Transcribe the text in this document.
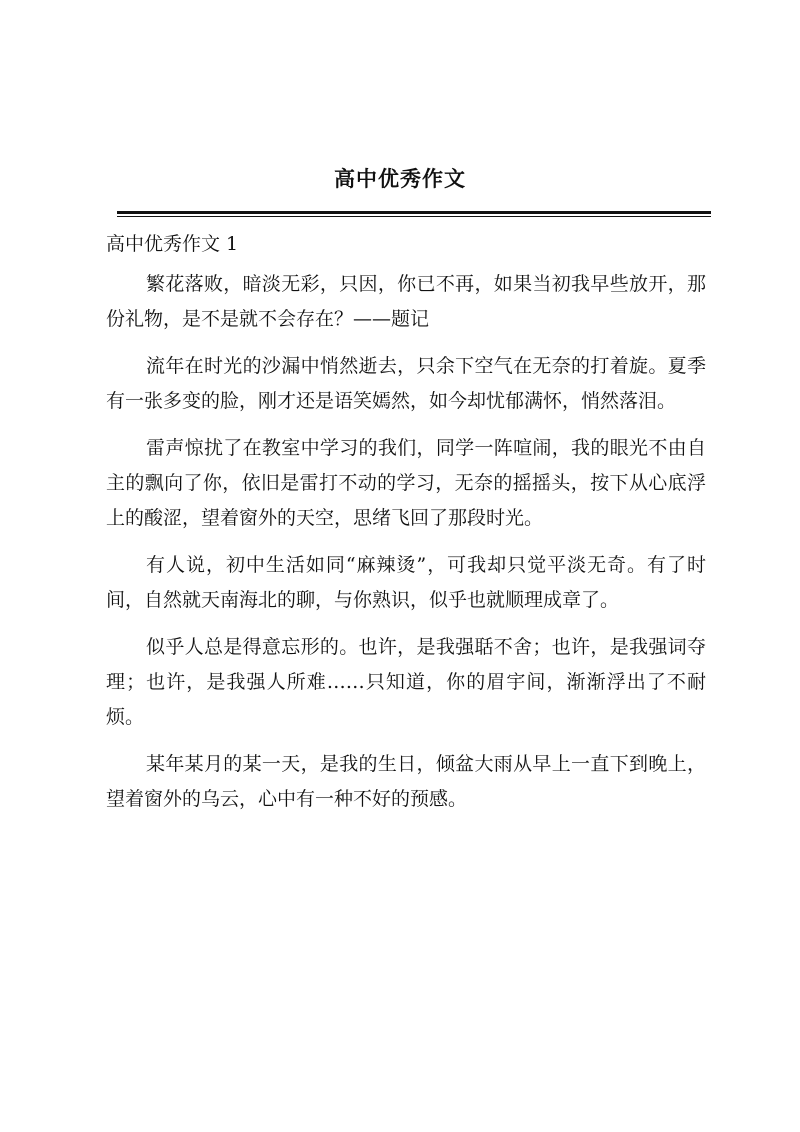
高中优秀作文
高中优秀作文 1

繁花落败，暗淡无彩，只因，你已不再，如果当初我早些放开，那份礼物，是不是就不会存在？——题记

流年在时光的沙漏中悄然逝去，只余下空气在无奈的打着旋。夏季有一张多变的脸，刚才还是语笑嫣然，如今却忧郁满怀，悄然落泪。

雷声惊扰了在教室中学习的我们，同学一阵喧闹，我的眼光不由自主的飘向了你，依旧是雷打不动的学习，无奈的摇摇头，按下从心底浮上的酸涩，望着窗外的天空，思绪飞回了那段时光。

有人说，初中生活如同“麻辣烫”，可我却只觉平淡无奇。有了时间，自然就天南海北的聊，与你熟识，似乎也就顺理成章了。

似乎人总是得意忘形的。也许，是我强聒不舍；也许，是我强词夺理；也许，是我强人所难……只知道，你的眉宇间，渐渐浮出了不耐烦。

某年某月的某一天，是我的生日，倾盆大雨从早上一直下到晚上，望着窗外的乌云，心中有一种不好的预感。
